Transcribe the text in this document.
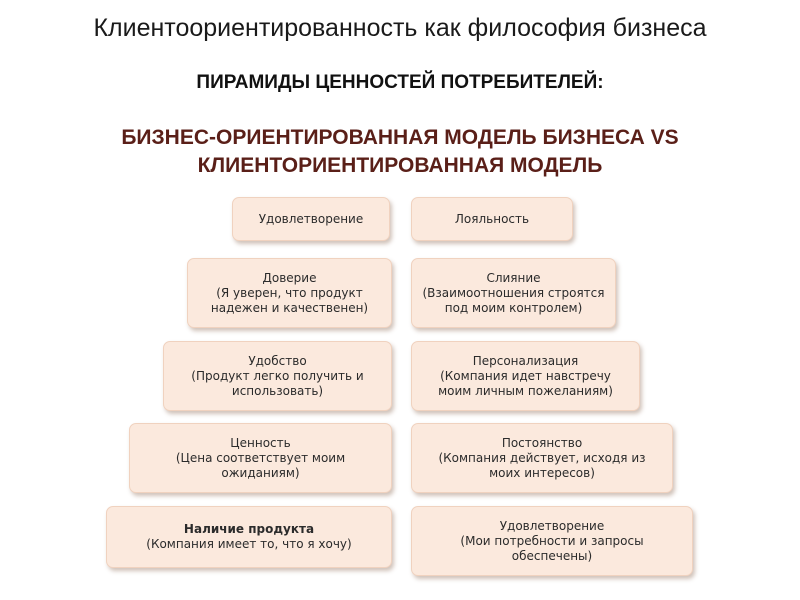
Клиентоориентированность как философия бизнеса
ПИРАМИДЫ ЦЕННОСТЕЙ ПОТРЕБИТЕЛЕЙ:
БИЗНЕС-ОРИЕНТИРОВАННАЯ МОДЕЛЬ БИЗНЕСА VS
КЛИЕНТОРИЕНТИРОВАННАЯ МОДЕЛЬ
Удовлетворение
Доверие
(Я уверен, что продукт
надежен и качественен)
Удобство
(Продукт легко получить и
использовать)
Ценность
(Цена соответствует моим
ожиданиям)
Наличие продукта
(Компания имеет то, что я хочу)
Лояльность
Слияние
(Взаимоотношения строятся
под моим контролем)
Персонализация
(Компания идет навстречу
моим личным пожеланиям)
Постоянство
(Компания действует, исходя из
моих интересов)
Удовлетворение
(Мои потребности и запросы
обеспечены)
